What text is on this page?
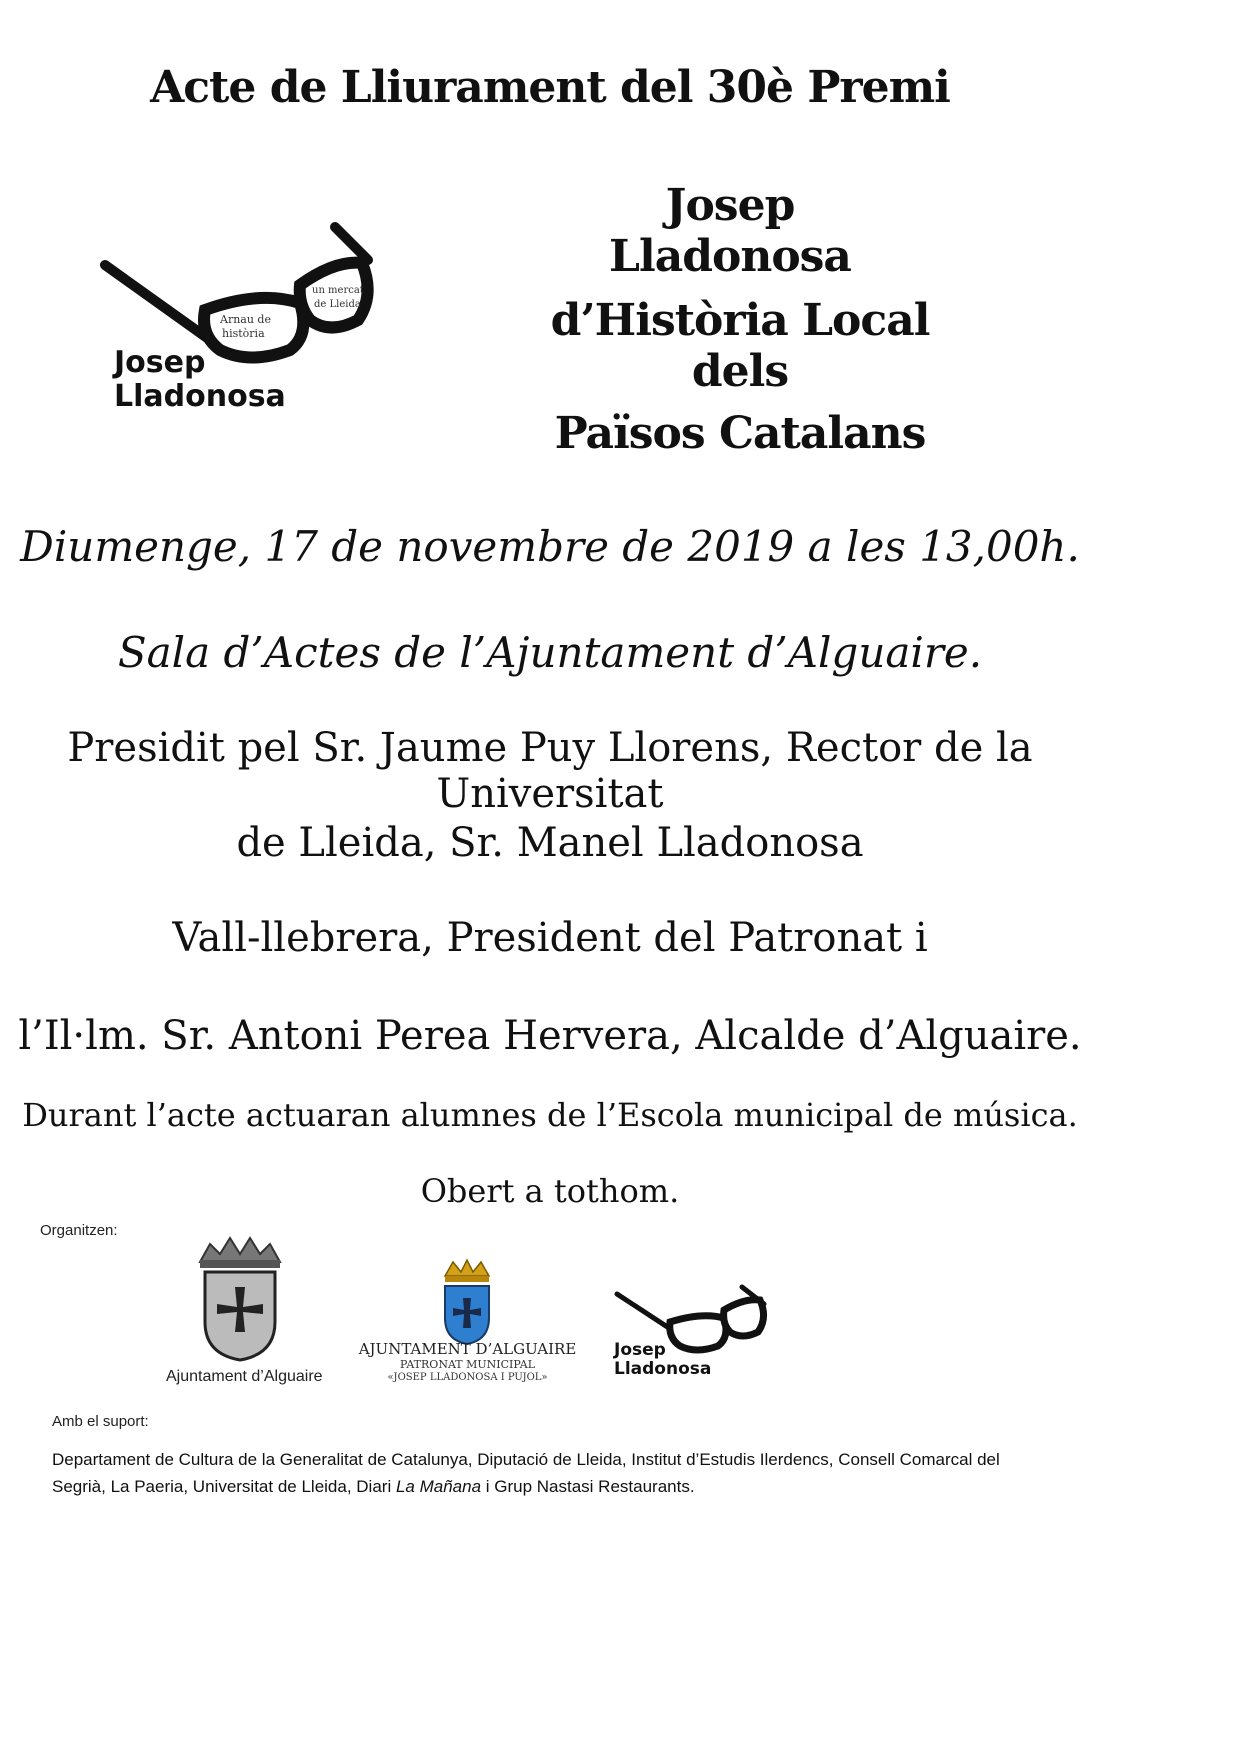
Acte de Lliurament del 30è Premi
Josep Lladonosa
d’Història Local dels
Països Catalans
Arnau de
història
un mercat
de Lleida
Josep
Lladonosa
Diumenge, 17 de novembre de 2019 a les 13,00h.
Sala d’Actes de l’Ajuntament d’Alguaire.
Presidit pel Sr. Jaume Puy Llorens, Rector de la Universitat
de Lleida, Sr. Manel Lladonosa
Vall-llebrera, President del Patronat i
l’Il·lm. Sr. Antoni Perea Hervera, Alcalde d’Alguaire.
Durant l’acte actuaran alumnes de l’Escola municipal de música.
Obert a tothom.
Organitzen:
Ajuntament d’Alguaire
AJUNTAMENT D’ALGUAIRE
PATRONAT MUNICIPAL
«JOSEP LLADONOSA I PUJOL»
Josep
Lladonosa
Amb el suport:
Departament de Cultura de la Generalitat de Catalunya, Diputació de Lleida, Institut d’Estudis Ilerdencs, Consell Comarcal del
Segrià, La Paeria, Universitat de Lleida, Diari La Mañana i Grup Nastasi Restaurants.
